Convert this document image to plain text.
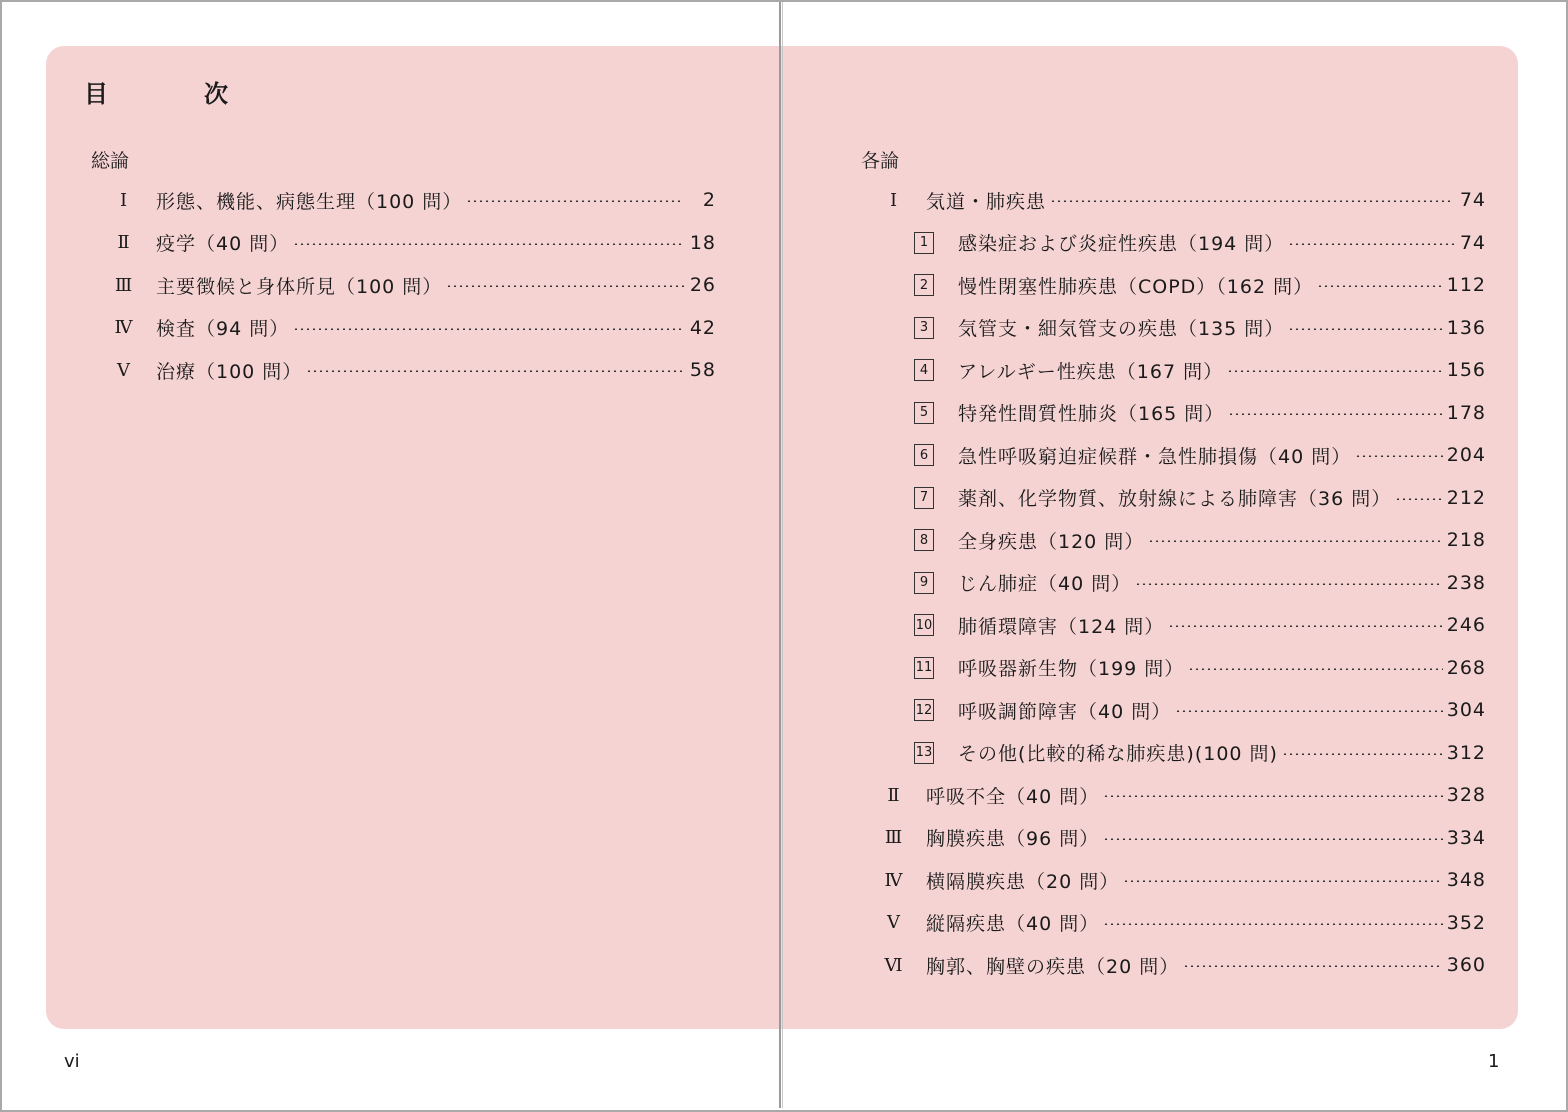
目　次
総論
Ⅰ	形態、機能、病態生理（100 問）	2
Ⅱ	疫学（40 問）	18
Ⅲ	主要徴候と身体所見（100 問）	26
Ⅳ	検査（94 問）	42
Ⅴ	治療（100 問）	58
各論
Ⅰ	気道・肺疾患	74
1	感染症および炎症性疾患（194 問）	74
2	慢性閉塞性肺疾患（COPD）（162 問）	112
3	気管支・細気管支の疾患（135 問）	136
4	アレルギー性疾患（167 問）	156
5	特発性間質性肺炎（165 問）	178
6	急性呼吸窮迫症候群・急性肺損傷（40 問）	204
7	薬剤、化学物質、放射線による肺障害（36 問）	212
8	全身疾患（120 問）	218
9	じん肺症（40 問）	238
10 肺循環障害（124 問）	246
11 呼吸器新生物（199 問）	268
12 呼吸調節障害（40 問）	304
13 その他(比較的稀な肺疾患)(100 問)	312
Ⅱ	呼吸不全（40 問）	328
Ⅲ	胸膜疾患（96 問）	334
Ⅳ	横隔膜疾患（20 問）	348
Ⅴ	縦隔疾患（40 問）	352
Ⅵ	胸郭、胸壁の疾患（20 問）	360
vi	1
